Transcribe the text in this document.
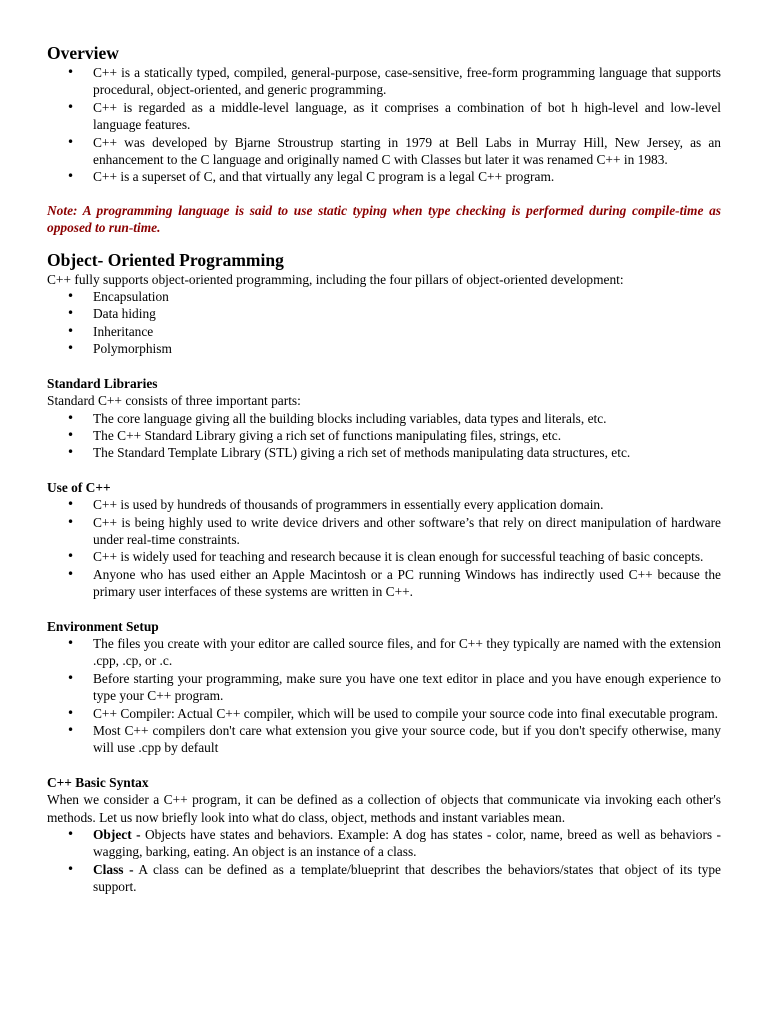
Overview
• C++ is a statically typed, compiled, general-purpose, case-sensitive, free-form programming language that supports procedural, object-oriented, and generic programming.
• C++ is regarded as a middle-level language, as it comprises a combination of bot h high-level and low-level language features.
• C++ was developed by Bjarne Stroustrup starting in 1979 at Bell Labs in Murray Hill, New Jersey, as an enhancement to the C language and originally named C with Classes but later it was renamed C++ in 1983.
• C++ is a superset of C, and that virtually any legal C program is a legal C++ program.

Note: A programming language is said to use static typing when type checking is performed during compile-time as opposed to run-time.

Object- Oriented Programming

C++ fully supports object-oriented programming, including the four pillars of object-oriented development:

• Encapsulation
• Data hiding
• Inheritance
• Polymorphism
Standard Libraries

Standard C++ consists of three important parts:

• The core language giving all the building blocks including variables, data types and literals, etc.
• The C++ Standard Library giving a rich set of functions manipulating files, strings, etc.
• The Standard Template Library (STL) giving a rich set of methods manipulating data structures, etc.
Use of C++
• C++ is used by hundreds of thousands of programmers in essentially every application domain.
• C++ is being highly used to write device drivers and other software’s that rely on direct manipulation of hardware under real-time constraints.
• C++ is widely used for teaching and research because it is clean enough for successful teaching of basic concepts.
• Anyone who has used either an Apple Macintosh or a PC running Windows has indirectly used C++ because the primary user interfaces of these systems are written in C++.
Environment Setup
• The files you create with your editor are called source files, and for C++ they typically are named with the extension .cpp, .cp, or .c.
• Before starting your programming, make sure you have one text editor in place and you have enough experience to type your C++ program.
• C++ Compiler: Actual C++ compiler, which will be used to compile your source code into final executable program.
• Most C++ compilers don't care what extension you give your source code, but if you don't specify otherwise, many will use .cpp by default
C++ Basic Syntax

When we consider a C++ program, it can be defined as a collection of objects that communicate via invoking each other's methods. Let us now briefly look into what do class, object, methods and instant variables mean.

• Object - Objects have states and behaviors. Example: A dog has states - color, name, breed as well as behaviors - wagging, barking, eating. An object is an instance of a class.
• Class - A class can be defined as a template/blueprint that describes the behaviors/states that object of its type support.
